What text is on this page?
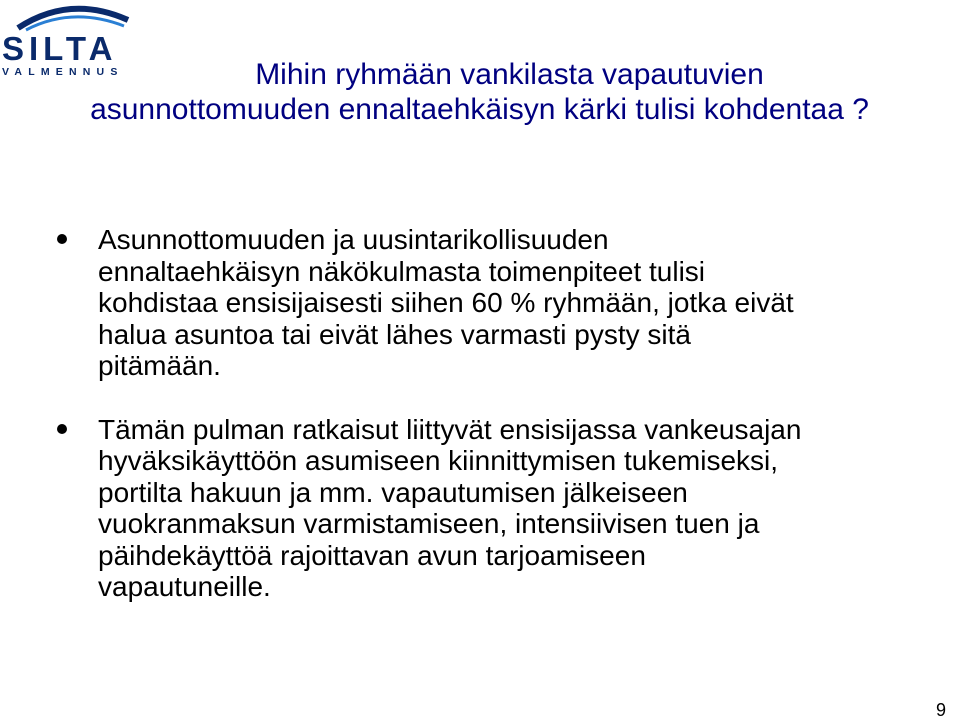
SILTA
VALMENNUS	Mihin ryhmään vankilasta vapautuvien
asunnottomuuden ennaltaehkäisyn kärki tulisi kohdentaa ?
Asunnottomuuden ja uusintarikollisuuden
ennaltaehkäisyn näkökulmasta toimenpiteet tulisi
kohdistaa ensisijaisesti siihen 60 % ryhmään, jotka eivät
halua asuntoa tai eivät lähes varmasti pysty sitä
pitämään.
Tämän pulman ratkaisut liittyvät ensisijassa vankeusajan
hyväksikäyttöön asumiseen kiinnittymisen tukemiseksi,
portilta hakuun ja mm. vapautumisen jälkeiseen
vuokranmaksun varmistamiseen, intensiivisen tuen ja
päihdekäyttöä rajoittavan avun tarjoamiseen
vapautuneille.
9
